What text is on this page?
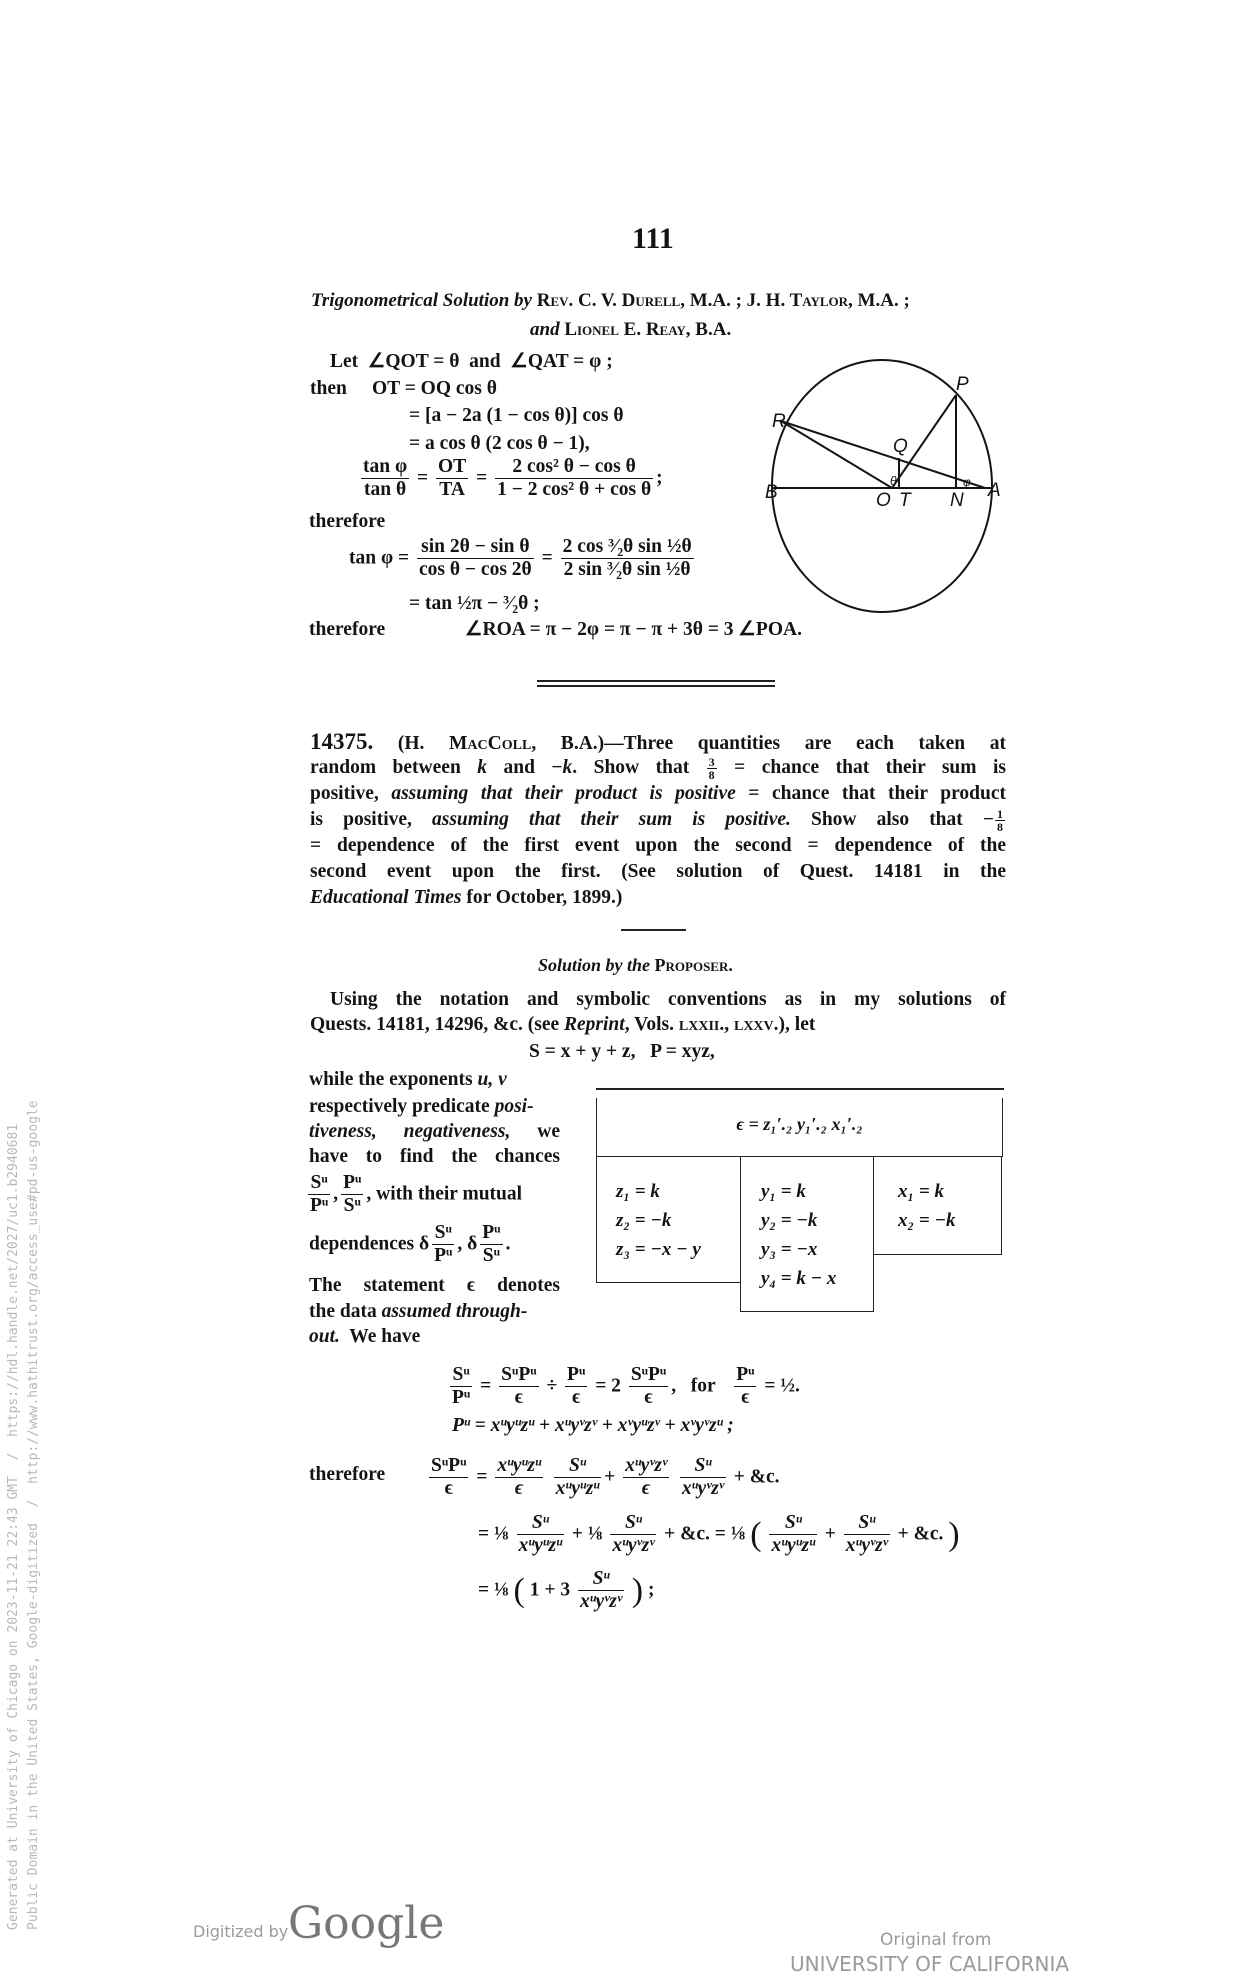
111
Trigonometrical Solution by Rev. C. V. Durell, M.A. ; J. H. Taylor, M.A. ;
and Lionel E. Reay, B.A.
Let  ∠QOT = θ  and  ∠QAT = φ ;
then OT = OQ cos θ
= [a − 2a (1 − cos θ)] cos θ
= a cos θ (2 cos θ − 1),
$\frac{\text{tan φ}}{\text{tan θ}} = \frac{OT}{TA} = \frac{\text{2 cos² θ − cos θ}}{\text{1 − 2 cos² θ + cos θ}}$ ;
therefore
$\tan \varphi = \frac{\text{sin 2θ − sin θ}}{\text{cos θ − cos 2θ}} = \frac{\text{2 cos ³⁄₂θ sin ½θ}}{\text{2 sin ³⁄₂θ sin ½θ}}$
= tan ½π − ³⁄₂θ ;
therefore	∠ROA = π − 2φ = π − π + 3θ = 3 ∠POA.
R
P
Q
B	O T N A
θ	φ
14375. (H. MacColl, B.A.)—Three quantities are each taken at
random between k and −k. Show that $\frac{3}{8}$ = chance that their sum is
positive, assuming that their product is positive = chance that their product
is positive, assuming that their sum is positive. Show also that − $\frac{1}{8}$
= dependence of the first event upon the second = dependence of the
second event upon the first. (See solution of Quest. 14181 in the
Educational Times for October, 1899.)
Solution by the Proposer.
Using the notation and symbolic conventions as in my solutions of
Quests. 14181, 14296, &c. (see Reprint, Vols. lxxii., lxxv.), let
S = x + y + z,   P = xyz,
while the exponents u, v
respectively predicate posi-
tiveness, negativeness, we
have to find the chances
$\frac{\text{Sᵘ}}{\text{Pᵘ}}$ , $\frac{\text{Pᵘ}}{\text{Sᵘ}}$ , with their mutual
dependences δ $\frac{\text{Sᵘ}}{\text{Pᵘ}}$ , δ $\frac{\text{Pᵘ}}{\text{Sᵘ}}$ .
The statement ϵ denotes
the data assumed through-
out.  We have
ϵ = z₁′.₂ y₁′.₂ x₁′.₂
z₁ = k
z₂ = −k
z₃ = −x − y
y₁ = k
y₂ = −k
y₃ = −x
y₄ = k − x
x₁ = k
x₂ = −k
$\frac{\text{Sᵘ}}{\text{Pᵘ}}$ =
SᵘPᵘ
ϵ
÷ $\frac{\text{Pᵘ}}{\epsilon} = 2$
SᵘPᵘ
ϵ
,   for $\frac{\text{Pᵘ}}{\epsilon}$ = ½.
Pᵘ = xᵘyᵘzᵘ + xᵘyᵛzᵛ + xᵛyᵘzᵛ + xᵛyᵛzᵘ ;
therefore SᵘPᵘ
ϵ
=
xᵘyᵘzᵘ
ϵ

Sᵘ
xᵘyᵘzᵘ
+
xᵘyᵛzᵛ
ϵ

Sᵘ
xᵘyᵛzᵛ
+ &c.
= ⅛
Sᵘ
xᵘyᵘzᵘ
+ ⅛
Sᵘ
xᵘyᵛzᵛ
+ &c. = ⅛ (	Sᵘ
xᵘyᵘzᵘ
+
Sᵘ
xᵘyᵛzᵛ
+ &c. )
= ⅛ ( 1 + 3
Sᵘ
xᵘyᵛzᵛ ) ;
Generated at University of Chicago on 2023-11-21 22:43 GMT  /  https://hdl.handle.net/2027/uc1.b2940681 Public Domain in the United States, Google-digitized  /  http://www.hathitrust.org/access_use#pd-us-google
Digitized by Google	Original from
UNIVERSITY OF CALIFORNIA
